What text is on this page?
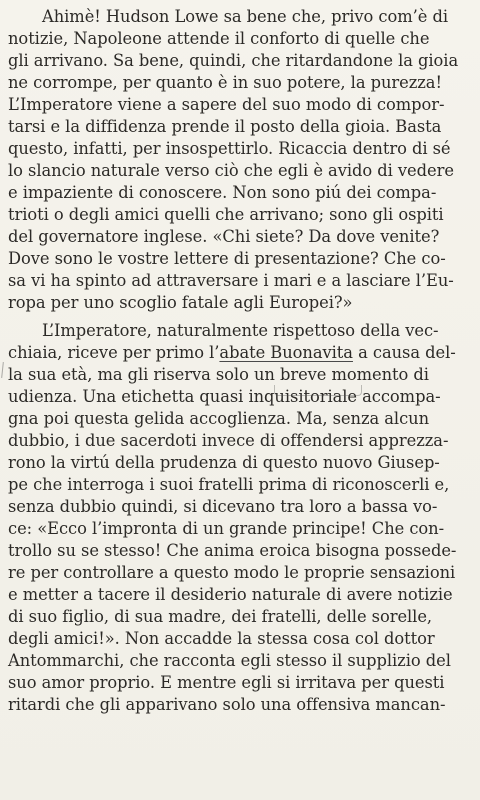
Ahimè! Hudson Lowe sa bene che, privo com’è di
notizie, Napoleone attende il conforto di quelle che
gli arrivano. Sa bene, quindi, che ritardandone la gioia
ne corrompe, per quanto è in suo potere, la purezza!
L’Imperatore viene a sapere del suo modo di compor-
tarsi e la diffidenza prende il posto della gioia. Basta
questo, infatti, per insospettirlo. Ricaccia dentro di sé
lo slancio naturale verso ciò che egli è avido di vedere
e impaziente di conoscere. Non sono piú dei compa-
trioti o degli amici quelli che arrivano; sono gli ospiti
del governatore inglese. «Chi siete? Da dove venite?
Dove sono le vostre lettere di presentazione? Che co-
sa vi ha spinto ad attraversare i mari e a lasciare l’Eu-
ropa per uno scoglio fatale agli Europei?»
L’Imperatore, naturalmente rispettoso della vec-
chiaia, riceve per primo l’abate Buonavita a causa del-
la sua età, ma gli riserva solo un breve momento di
udienza. Una etichetta quasi inquisitoriale accompa-
gna poi questa gelida accoglienza. Ma, senza alcun
dubbio, i due sacerdoti invece di offendersi apprezza-
rono la virtú della prudenza di questo nuovo Giusep-
pe che interroga i suoi fratelli prima di riconoscerli e,
senza dubbio quindi, si dicevano tra loro a bassa vo-
ce: «Ecco l’impronta di un grande principe! Che con-
trollo su se stesso! Che anima eroica bisogna possede-
re per controllare a questo modo le proprie sensazioni
e metter a tacere il desiderio naturale di avere notizie
di suo figlio, di sua madre, dei fratelli, delle sorelle,
degli amici!». Non accadde la stessa cosa col dottor
Antommarchi, che racconta egli stesso il supplizio del
suo amor proprio. E mentre egli si irritava per questi
ritardi che gli apparivano solo una offensiva mancan-
